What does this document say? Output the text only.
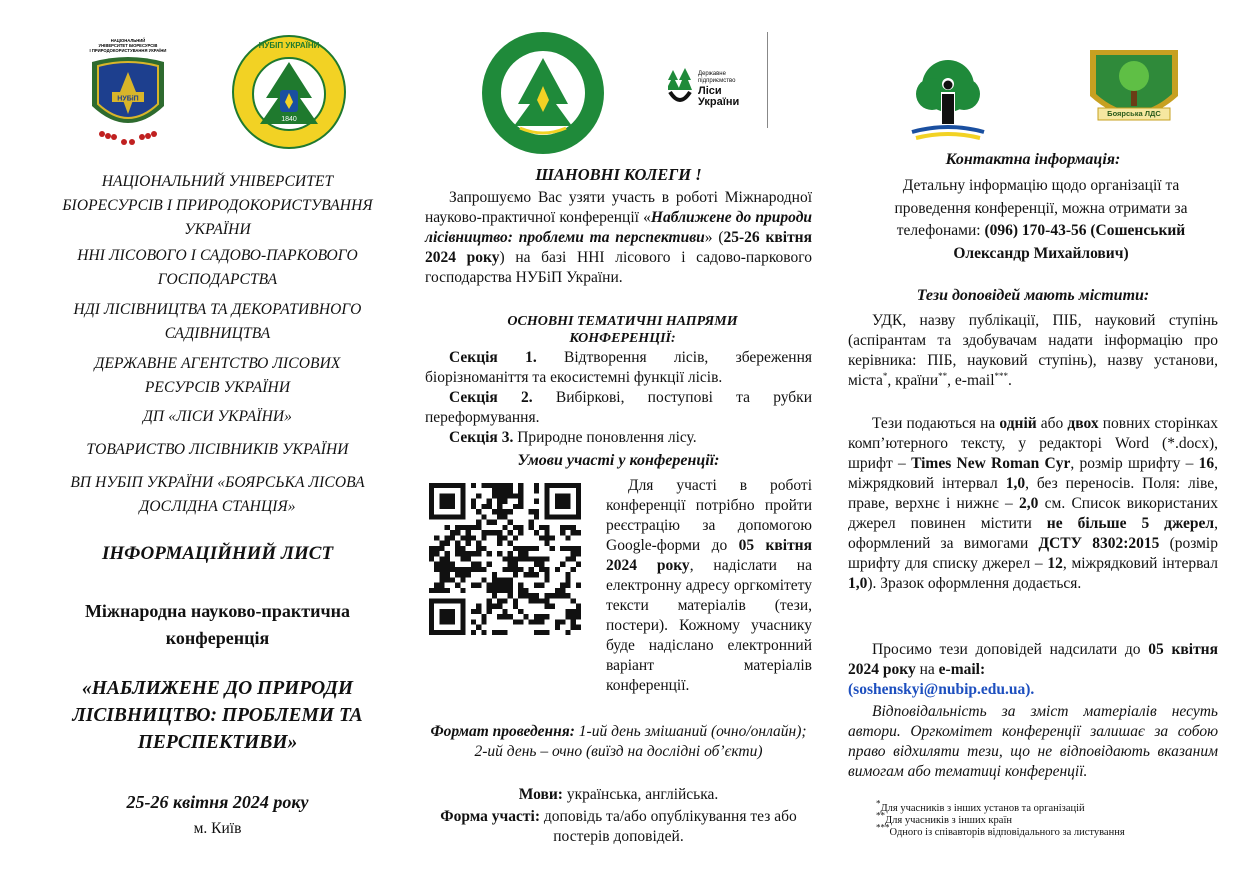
НАЦІОНАЛЬНИЙ
УНІВЕРСИТЕТ БІОРЕСУРСІВ
І ПРИРОДОКОРИСТУВАННЯ УКРАЇНИ
НУБіП
1840
НУБІП УКРАЇНИ
НАЦІОНАЛЬНИЙ УНІВЕРСИТЕТ
БІОРЕСУРСІВ І ПРИРОДОКОРИСТУВАННЯ
УКРАЇНИ
ННІ ЛІСОВОГО І САДОВО-ПАРКОВОГО
ГОСПОДАРСТВА
НДІ ЛІСІВНИЦТВА ТА ДЕКОРАТИВНОГО
САДІВНИЦТВА
ДЕРЖАВНЕ АГЕНТСТВО ЛІСОВИХ
РЕСУРСІВ УКРАЇНИ
ДП «ЛІСИ УКРАЇНИ»
ТОВАРИСТВО ЛІСІВНИКІВ УКРАЇНИ
ВП НУБІП УКРАЇНИ «БОЯРСЬКА ЛІСОВА
ДОСЛІДНА СТАНЦІЯ»
ІНФОРМАЦІЙНИЙ ЛИСТ
Міжнародна науково-практична
конференція
«НАБЛИЖЕНЕ ДО ПРИРОДИ
ЛІСІВНИЦТВО: ПРОБЛЕМИ ТА
ПЕРСПЕКТИВИ»
25-26 квітня 2024 року
м. Київ
Державне
підприємство
Ліси
України
ШАНОВНІ КОЛЕГИ !

Запрошуємо Вас узяти участь в роботі Міжнародної науково-практичної конференції «Наближене до природи лісівництво: проблеми та перспективи» (25-26 квітня 2024 року) на базі ННІ лісового і садово-паркового господарства НУБіП України.

ОСНОВНІ ТЕМАТИЧНІ НАПРЯМИ КОНФЕРЕНЦІЇ:

Секція 1. Відтворення лісів, збереження біорізноманіття та екосистемні функції лісів.

Секція 2. Вибіркові, поступові та рубки переформування.

Секція 3. Природне поновлення лісу.

Умови участі у конференції:

Для участі в роботі конференції потрібно пройти реєстрацію за допомогою Google-форми до 05 квітня 2024 року, надіслати на електронну адресу оргкомітету тексти матеріалів (тези, постери). Кожному учаснику буде надіслано електронний варіант матеріалів конференції.

Формат проведення: 1-ий день змішаний (очно/онлайн); 2-ий день – очно (виїзд на дослідні об’єкти)
Мови: українська, англійська.
Форма участі: доповідь та/або опублікування тез або постерів доповідей.
Боярська ЛДС
Контактна інформація:

Детальну інформацію щодо організації та проведення конференції, можна отримати за телефонами: (096) 170-43-56 (Сошенський Олександр Михайлович)

Тези доповідей мають містити:

УДК, назву публікації, ПІБ, науковий ступінь (аспірантам та здобувачам надати інформацію про керівника: ПІБ, науковий ступінь), назву установи, міста*, країни**, e-mail***.

Тези подаються на одній або двох повних сторінках комп’ютерного тексту, у редакторі Word (*.docx), шрифт – Times New Roman Cyr, розмір шрифту – 16, міжрядковий інтервал 1,0, без переносів. Поля: ліве, праве, верхнє і нижнє – 2,0 см. Список використаних джерел повинен містити не більше 5 джерел, оформлений за вимогами ДСТУ 8302:2015 (розмір шрифту для списку джерел – 12, міжрядковий інтервал 1,0). Зразок оформлення додається.

Просимо тези доповідей надсилати до 05 квітня 2024 року на e-mail:
(soshenskyi@nubip.edu.ua).

Відповідальність за зміст матеріалів несуть автори. Оргкомітет конференції залишає за собою право відхиляти тези, що не відповідають вказаним вимогам або тематиці конференції.

*Для учасників з інших установ та організацій
**Для учасників з інших країн
***Одного із співавторів відповідального за листування
